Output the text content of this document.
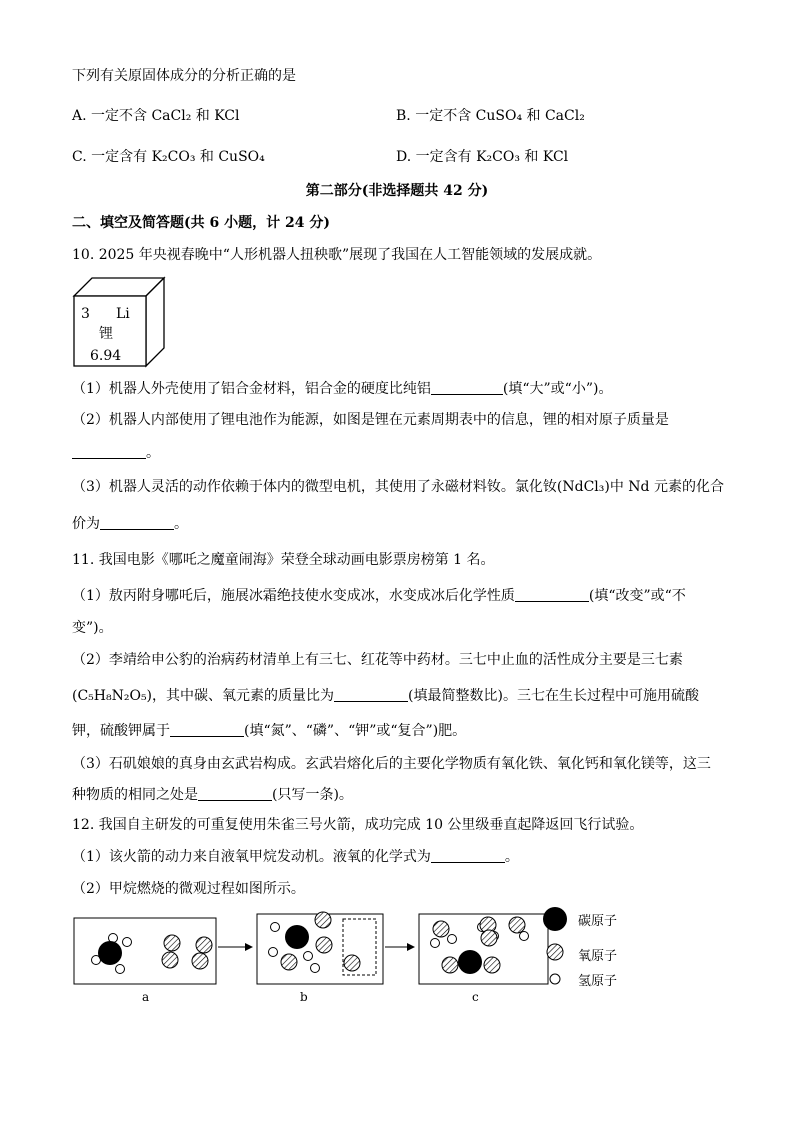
下列有关原固体成分的分析正确的是
A. 一定不含 CaCl₂ 和 KCl	B. 一定不含 CuSO₄ 和 CaCl₂
C. 一定含有 K₂CO₃ 和 CuSO₄	D. 一定含有 K₂CO₃ 和 KCl
第二部分(非选择题共 42 分)
二、填空及简答题(共 6 小题，计 24 分)
10. 2025 年央视春晚中“人形机器人扭秧歌”展现了我国在人工智能领域的发展成就。
3 Li
锂
6.94
（1）机器人外壳使用了铝合金材料，铝合金的硬度比纯铝	(填“大”或“小”)。
（2）机器人内部使用了锂电池作为能源，如图是锂在元素周期表中的信息，锂的相对原子质量是
。
（3）机器人灵活的动作依赖于体内的微型电机，其使用了永磁材料钕。氯化钕(NdCl₃)中 Nd 元素的化合
价为	。
11. 我国电影《哪吒之魔童闹海》荣登全球动画电影票房榜第 1 名。
（1）敖丙附身哪吒后，施展冰霜绝技使水变成冰，水变成冰后化学性质	(填“改变”或“不
变”)。
（2）李靖给申公豹的治病药材清单上有三七、红花等中药材。三七中止血的活性成分主要是三七素
(C₅H₈N₂O₅)，其中碳、氧元素的质量比为	(填最简整数比)。三七在生长过程中可施用硫酸
钾，硫酸钾属于	(填“氮”、“磷”、“钾”或“复合”)肥。
（3）石矶娘娘的真身由玄武岩构成。玄武岩熔化后的主要化学物质有氧化铁、氧化钙和氧化镁等，这三
种物质的相同之处是	(只写一条)。
12. 我国自主研发的可重复使用朱雀三号火箭，成功完成 10 公里级垂直起降返回飞行试验。
（1）该火箭的动力来自液氧甲烷发动机。液氧的化学式为	。
（2）甲烷燃烧的微观过程如图所示。
a	b	c
碳原子
氧原子
氢原子
